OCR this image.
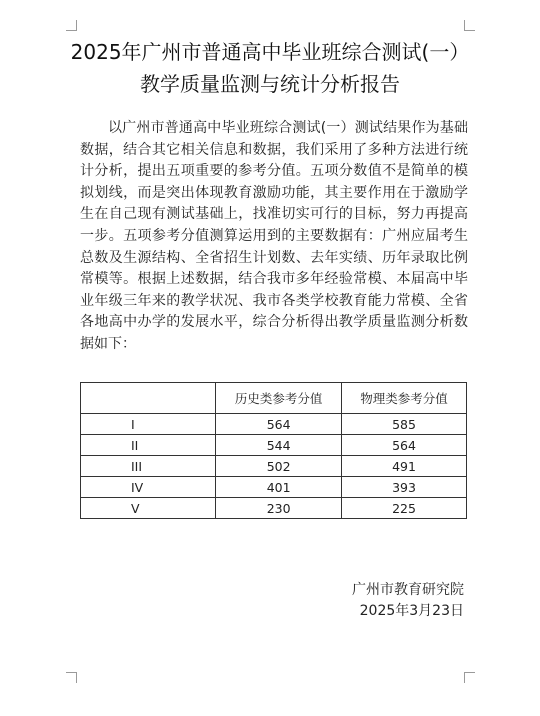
2025年广州市普通高中毕业班综合测试(一）教学质量监测与统计分析报告

以广州市普通高中毕业班综合测试(一）测试结果作为基础数据，结合其它相关信息和数据，我们采用了多种方法进行统计分析，提出五项重要的参考分值。五项分数值不是简单的模拟划线，而是突出体现教育激励功能，其主要作用在于激励学生在自己现有测试基础上，找准切实可行的目标，努力再提高一步。五项参考分值测算运用到的主要数据有：广州应届考生总数及生源结构、全省招生计划数、去年实绩、历年录取比例常模等。根据上述数据，结合我市多年经验常模、本届高中毕业年级三年来的教学状况、我市各类学校教育能力常模、全省各地高中办学的发展水平，综合分析得出教学质量监测分析数据如下：

	历史类参考分值	物理类参考分值
I	564	585
II	544	564
III	502	491
IV	401	393
V	230	225
广州市教育研究院
2025年3月23日
